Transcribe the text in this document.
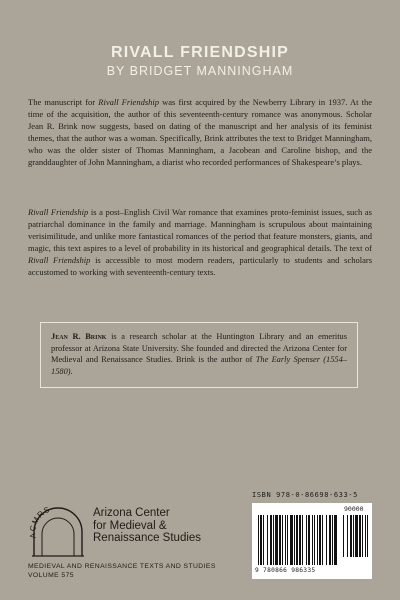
RIVALL FRIENDSHIP
BY BRIDGET MANNINGHAM

The manuscript for Rivall Friendship was first acquired by the Newberry Library in 1937. At the time of the acquisition, the author of this seventeenth-century romance was anonymous. Scholar Jean R. Brink now suggests, based on dating of the manuscript and her analysis of its feminist themes, that the author was a woman. Specifically, Brink attributes the text to Bridget Manningham, who was the older sister of Thomas Manningham, a Jacobean and Caroline bishop, and the granddaughter of John Manningham, a diarist who recorded performances of Shakespeare’s plays.

Rivall Friendship is a post–English Civil War romance that examines proto-feminist issues, such as patriarchal dominance in the family and marriage. Manningham is scrupulous about maintaining verisimilitude, and unlike more fantastical romances of the period that feature monsters, giants, and magic, this text aspires to a level of probability in its historical and geographical details. The text of Rivall Friendship is accessible to most modern readers, particularly to students and scholars accustomed to working with seventeenth-century texts.

Jean R. Brink is a research scholar at the Huntington Library and an emeritus professor at Arizona State University. She founded and directed the Arizona Center for Medieval and Renaissance Studies. Brink is the author of The Early Spenser (1554–1580).

ACMRS	Arizona Center
for Medieval &
Renaissance Studies
MEDIEVAL AND RENAISSANCE TEXTS AND STUDIES
VOLUME 575
ISBN 978-0-86698-633-5
90000
9 780866 986335
